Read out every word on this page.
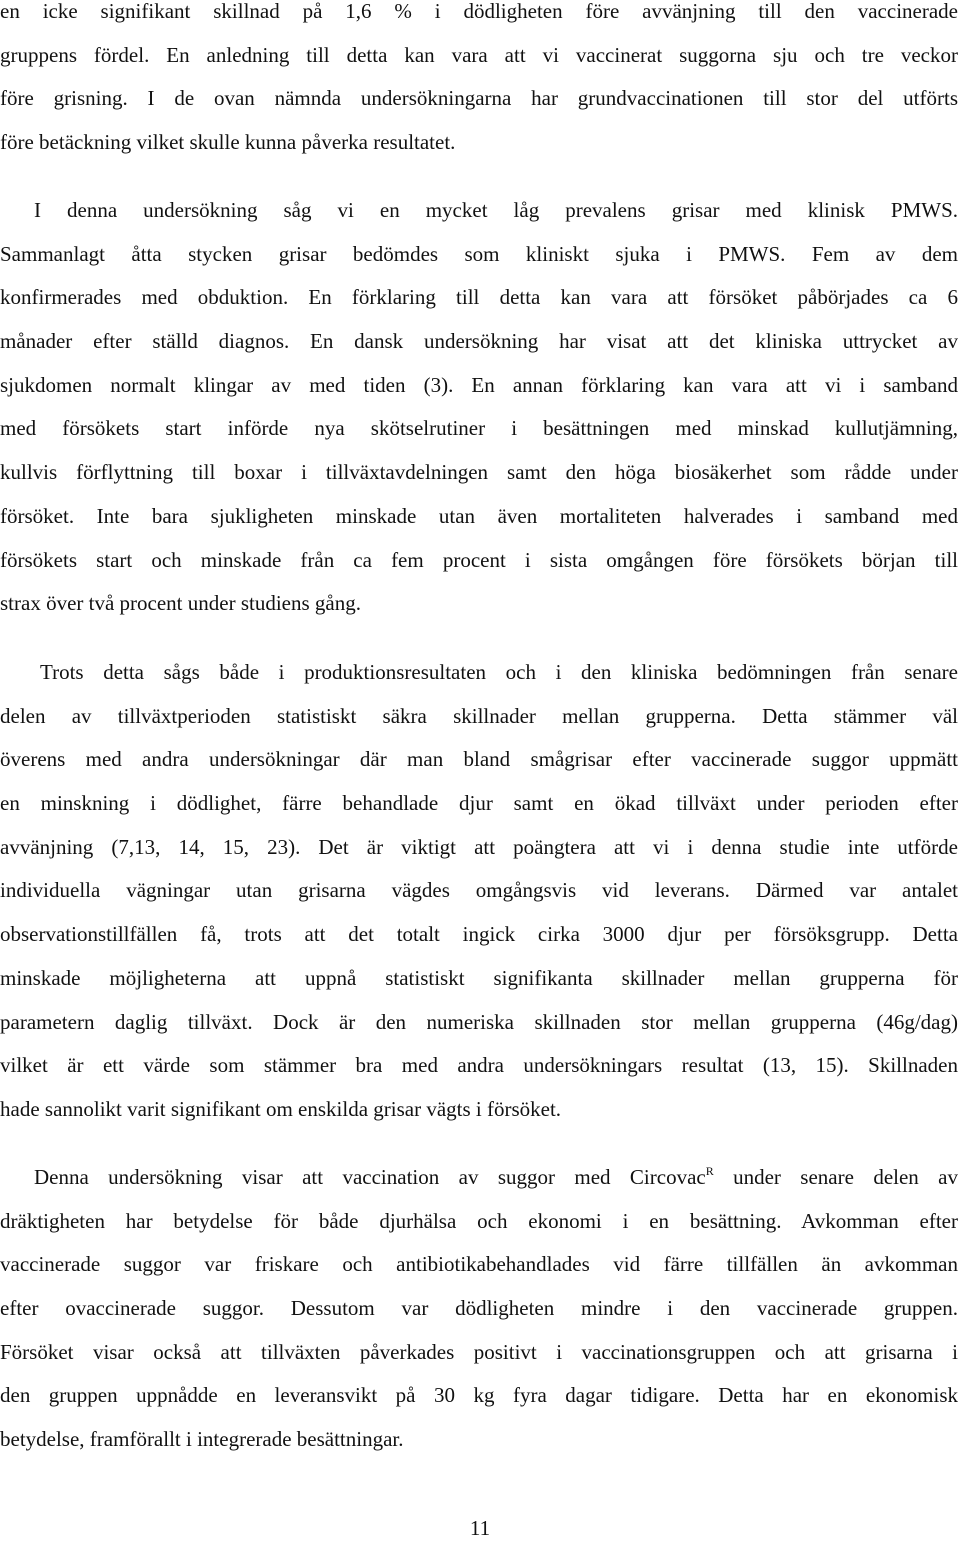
en icke signifikant skillnad på 1,6 % i dödligheten före avvänjning till den vaccinerade
gruppens fördel. En anledning till detta kan vara att vi vaccinerat suggorna sju och tre veckor
före grisning. I de ovan nämnda undersökningarna har grundvaccinationen till stor del utförts
före betäckning vilket skulle kunna påverka resultatet.
I denna undersökning såg vi en mycket låg prevalens grisar med klinisk PMWS.
Sammanlagt åtta stycken grisar bedömdes som kliniskt sjuka i PMWS. Fem av dem
konfirmerades med obduktion. En förklaring till detta kan vara att försöket påbörjades ca 6
månader efter ställd diagnos. En dansk undersökning har visat att det kliniska uttrycket av
sjukdomen normalt klingar av med tiden (3). En annan förklaring kan vara att vi i samband
med försökets start införde nya skötselrutiner i besättningen med minskad kullutjämning,
kullvis förflyttning till boxar i tillväxtavdelningen samt den höga biosäkerhet som rådde under
försöket. Inte bara sjukligheten minskade utan även mortaliteten halverades i samband med
försökets start och minskade från ca fem procent i sista omgången före försökets början till
strax över två procent under studiens gång.
Trots detta sågs både i produktionsresultaten och i den kliniska bedömningen från senare
delen av tillväxtperioden statistiskt säkra skillnader mellan grupperna. Detta stämmer väl
överens med andra undersökningar där man bland smågrisar efter vaccinerade suggor uppmätt
en minskning i dödlighet, färre behandlade djur samt en ökad tillväxt under perioden efter
avvänjning (7,13, 14, 15, 23). Det är viktigt att poängtera att vi i denna studie inte utförde
individuella vägningar utan grisarna vägdes omgångsvis vid leverans. Därmed var antalet
observationstillfällen få, trots att det totalt ingick cirka 3000 djur per försöksgrupp. Detta
minskade möjligheterna att uppnå statistiskt signifikanta skillnader mellan grupperna för
parametern daglig tillväxt. Dock är den numeriska skillnaden stor mellan grupperna (46g/dag)
vilket är ett värde som stämmer bra med andra undersökningars resultat (13, 15). Skillnaden
hade sannolikt varit signifikant om enskilda grisar vägts i försöket.
Denna undersökning visar att vaccination av suggor med Circovac$^R$ under senare delen av
dräktigheten har betydelse för både djurhälsa och ekonomi i en besättning. Avkomman efter
vaccinerade suggor var friskare och antibiotikabehandlades vid färre tillfällen än avkomman
efter ovaccinerade suggor. Dessutom var dödligheten mindre i den vaccinerade gruppen.
Försöket visar också att tillväxten påverkades positivt i vaccinationsgruppen och att grisarna i
den gruppen uppnådde en leveransvikt på 30 kg fyra dagar tidigare. Detta har en ekonomisk
betydelse, framförallt i integrerade besättningar.
11
